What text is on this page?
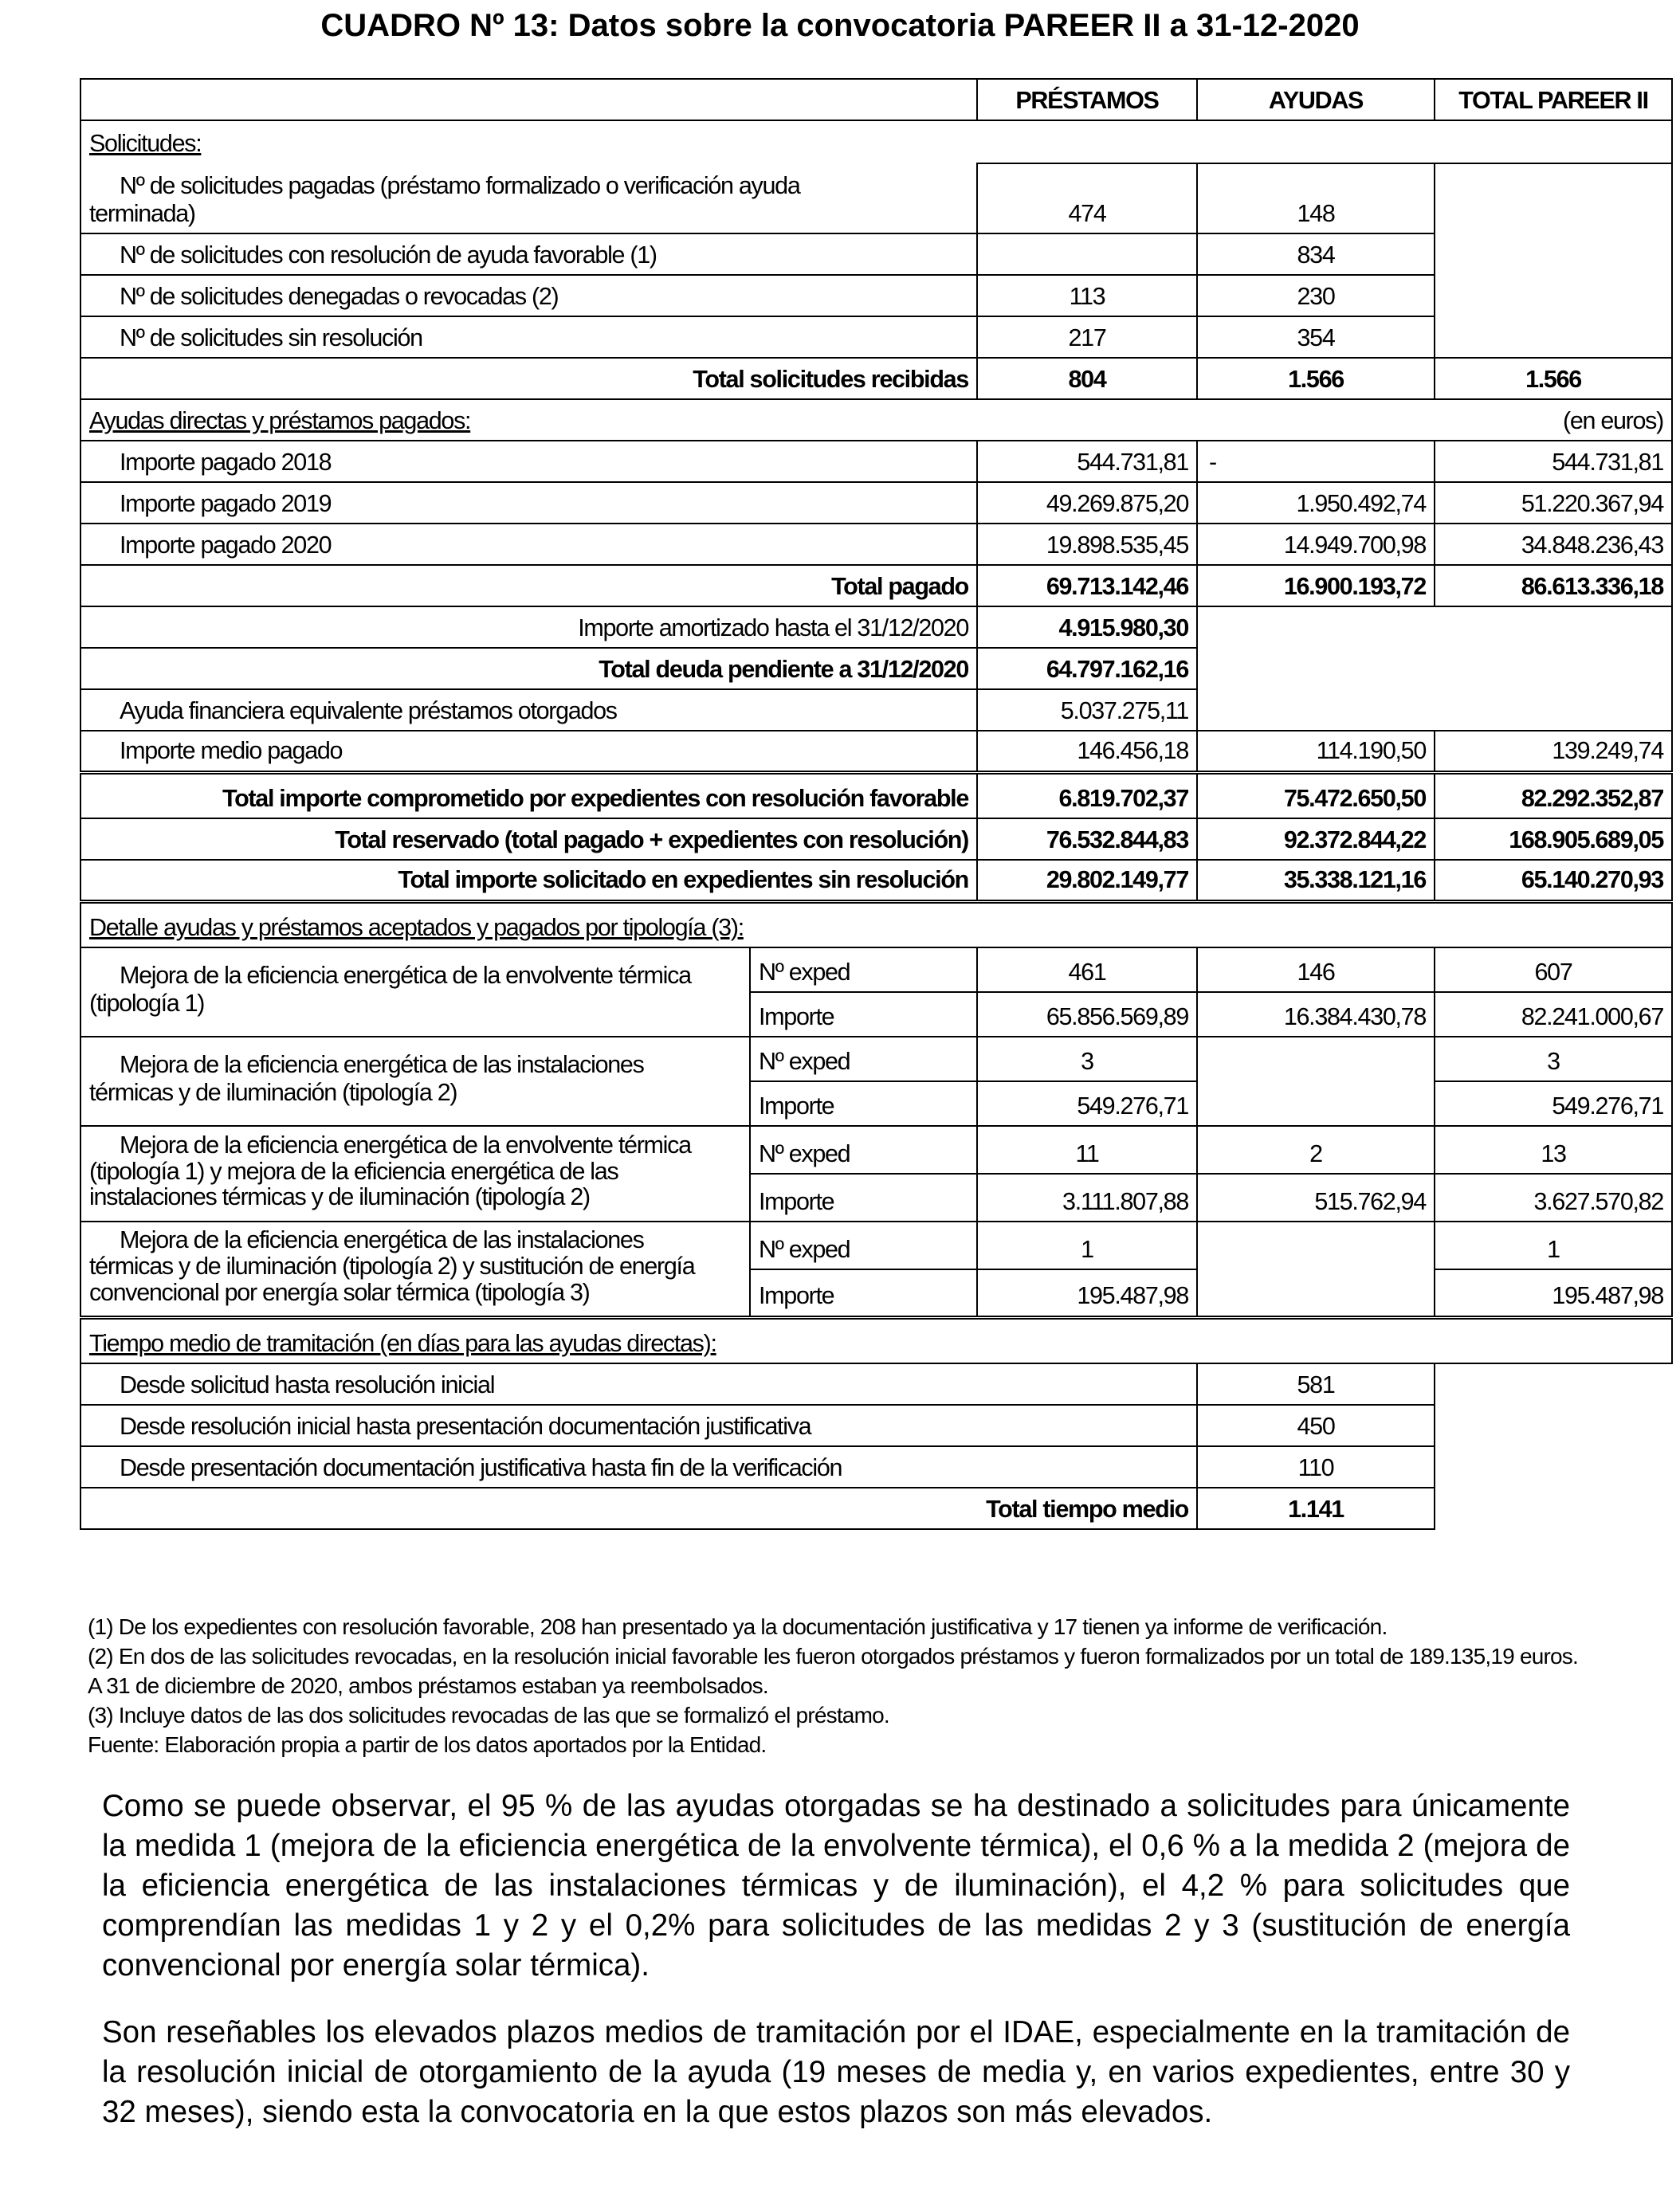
CUADRO Nº 13: Datos sobre la convocatoria PAREER II a 31-12-2020
		PRÉSTAMOS	AYUDAS	TOTAL PAREER II
Solicitudes:				

Nº de solicitudes pagadas (préstamo formalizado o verificación ayuda
terminada)		474	148	
Nº de solicitudes con resolución de ayuda favorable (1)			834	
Nº de solicitudes denegadas o revocadas (2)		113	230	
Nº de solicitudes sin resolución		217	354	
Total solicitudes recibidas		804	1.566	1.566
Ayudas directas y préstamos pagados:				(en euros)
Importe pagado 2018		544.731,81	-	544.731,81
Importe pagado 2019		49.269.875,20	1.950.492,74	51.220.367,94
Importe pagado 2020		19.898.535,45	14.949.700,98	34.848.236,43
Total pagado		69.713.142,46	16.900.193,72	86.613.336,18
Importe amortizado hasta el 31/12/2020		4.915.980,30		
Total deuda pendiente a 31/12/2020		64.797.162,16		
Ayuda financiera equivalente préstamos otorgados		5.037.275,11		
Importe medio pagado		146.456,18	114.190,50	139.249,74
Total importe comprometido por expedientes con resolución favorable		6.819.702,37	75.472.650,50	82.292.352,87
Total reservado (total pagado + expedientes con resolución)		76.532.844,83	92.372.844,22	168.905.689,05
Total importe solicitado en expedientes sin resolución		29.802.149,77	35.338.121,16	65.140.270,93
Detalle ayudas y préstamos aceptados y pagados por tipología (3):				

Mejora de la eficiencia energética de la envolvente térmica
(tipología 1)	Nº exped	461	146	607
	Importe	65.856.569,89	16.384.430,78	82.241.000,67

Mejora de la eficiencia energética de las instalaciones
térmicas y de iluminación (tipología 2)	Nº exped	3		3
	Importe	549.276,71		549.276,71

Mejora de la eficiencia energética de la envolvente térmica
(tipología 1) y mejora de la eficiencia energética de las
instalaciones térmicas y de iluminación (tipología 2)	Nº exped	11	2	13
	Importe	3.111.807,88	515.762,94	3.627.570,82

Mejora de la eficiencia energética de las instalaciones
térmicas y de iluminación (tipología 2) y sustitución de energía
convencional por energía solar térmica (tipología 3)	Nº exped	1		1
	Importe	195.487,98		195.487,98
Tiempo medio de tramitación (en días para las ayudas directas):				
Desde solicitud hasta resolución inicial			581	
Desde resolución inicial hasta presentación documentación justificativa			450	
Desde presentación documentación justificativa hasta fin de la verificación			110	
Total tiempo medio			1.141	
(1) De los expedientes con resolución favorable, 208 han presentado ya la documentación justificativa y 17 tienen ya informe de verificación.
(2) En dos de las solicitudes revocadas, en la resolución inicial favorable les fueron otorgados préstamos y fueron formalizados por un total de 189.135,19 euros. A 31 de diciembre de 2020, ambos préstamos estaban ya reembolsados.
(3) Incluye datos de las dos solicitudes revocadas de las que se formalizó el préstamo.
Fuente: Elaboración propia a partir de los datos aportados por la Entidad.
Como se puede observar, el 95 % de las ayudas otorgadas se ha destinado a solicitudes para únicamente la medida 1 (mejora de la eficiencia energética de la envolvente térmica), el 0,6 % a la medida 2 (mejora de la eficiencia energética de las instalaciones térmicas y de iluminación), el 4,2 % para solicitudes que comprendían las medidas 1 y 2 y el 0,2% para solicitudes de las medidas 2 y 3 (sustitución de energía convencional por energía solar térmica).
Son reseñables los elevados plazos medios de tramitación por el IDAE, especialmente en la tramitación de la resolución inicial de otorgamiento de la ayuda (19 meses de media y, en varios expedientes, entre 30 y 32 meses), siendo esta la convocatoria en la que estos plazos son más elevados.
